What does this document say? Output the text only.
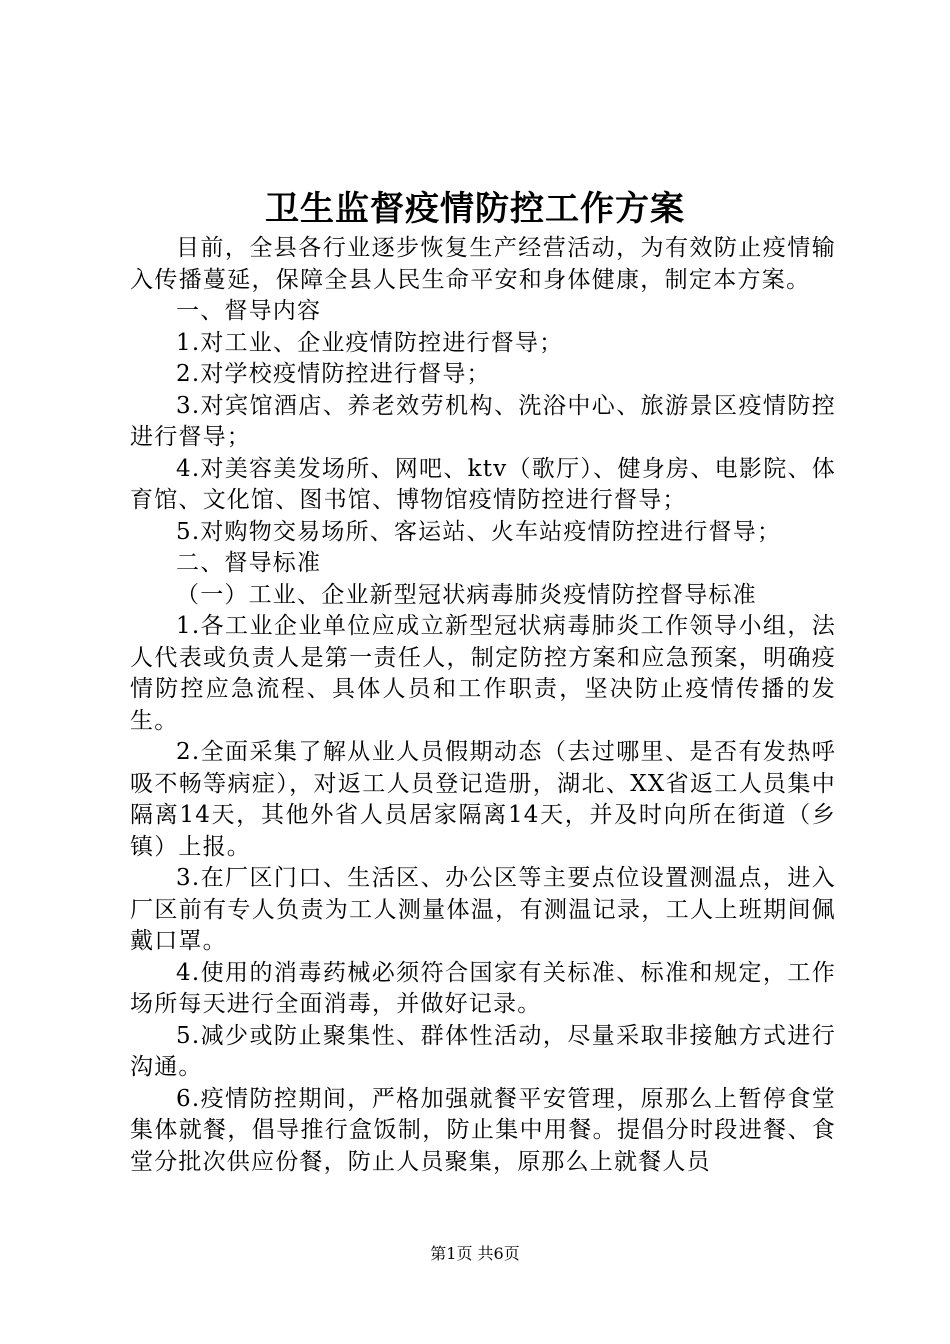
卫生监督疫情防控工作方案

目前，全县各行业逐步恢复生产经营活动，为有效防止疫情输入传播蔓延，保障全县人民生命平安和身体健康，制定本方案。

一、督导内容

1.对工业、企业疫情防控进行督导；

2.对学校疫情防控进行督导；

3.对宾馆酒店、养老效劳机构、洗浴中心、旅游景区疫情防控进行督导；

4.对美容美发场所、网吧、ktv（歌厅）、健身房、电影院、体育馆、文化馆、图书馆、博物馆疫情防控进行督导；

5.对购物交易场所、客运站、火车站疫情防控进行督导；

二、督导标准

（一）工业、企业新型冠状病毒肺炎疫情防控督导标准

1.各工业企业单位应成立新型冠状病毒肺炎工作领导小组，法人代表或负责人是第一责任人，制定防控方案和应急预案，明确疫情防控应急流程、具体人员和工作职责，坚决防止疫情传播的发生。

2.全面采集了解从业人员假期动态（去过哪里、是否有发热呼吸不畅等病症），对返工人员登记造册，湖北、XX省返工人员集中隔离14天，其他外省人员居家隔离14天，并及时向所在街道（乡镇）上报。

3.在厂区门口、生活区、办公区等主要点位设置测温点，进入厂区前有专人负责为工人测量体温，有测温记录，工人上班期间佩戴口罩。

4.使用的消毒药械必须符合国家有关标准、标准和规定，工作场所每天进行全面消毒，并做好记录。

5.减少或防止聚集性、群体性活动，尽量采取非接触方式进行沟通。

6.疫情防控期间，严格加强就餐平安管理，原那么上暂停食堂集体就餐，倡导推行盒饭制，防止集中用餐。提倡分时段进餐、食堂分批次供应份餐，防止人员聚集，原那么上就餐人员

第1页 共6页
